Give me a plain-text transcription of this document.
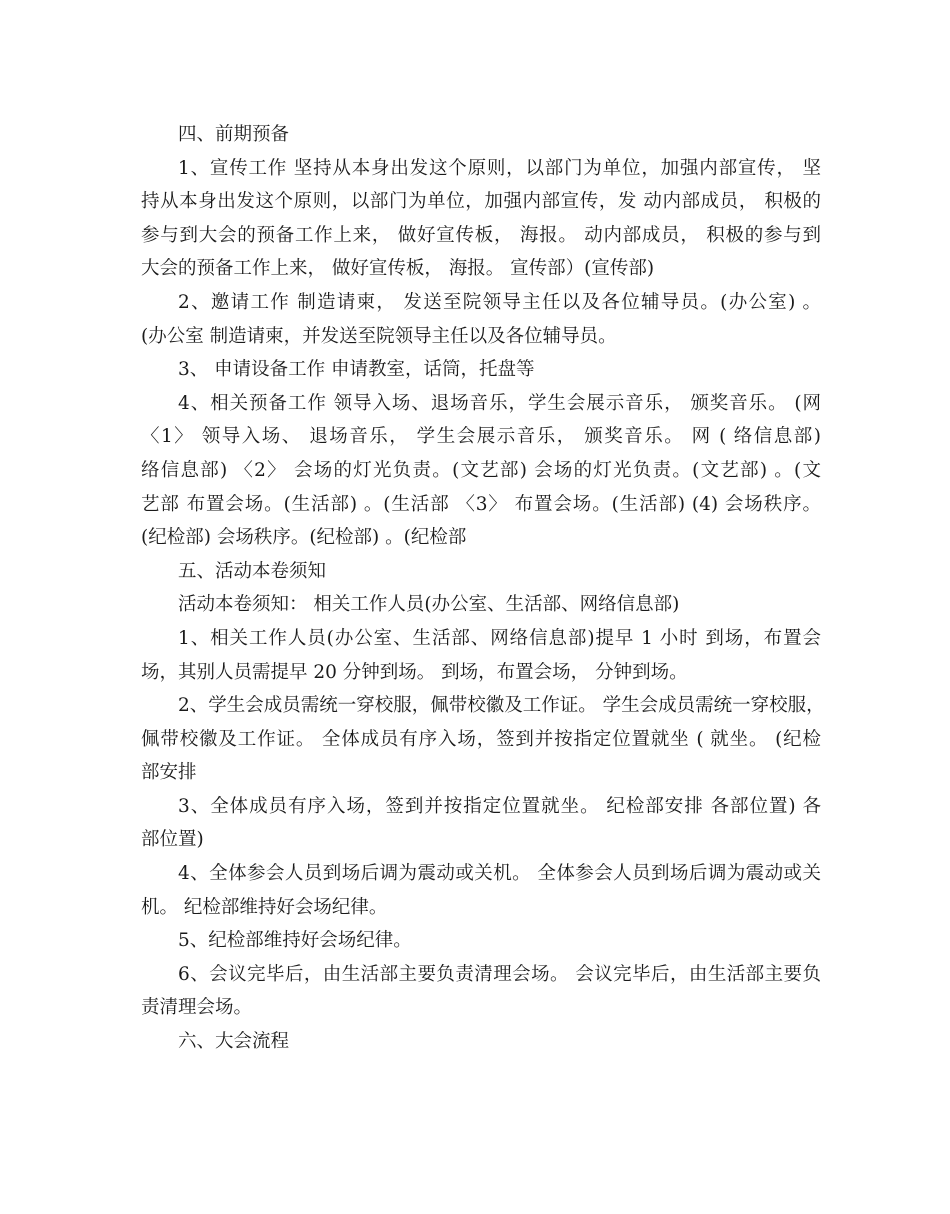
四、前期预备
1、宣传工作 坚持从本身出发这个原则，以部门为单位，加强内部宣传， 坚
持从本身出发这个原则，以部门为单位，加强内部宣传，发 动内部成员， 积极的
参与到大会的预备工作上来， 做好宣传板， 海报。 动内部成员， 积极的参与到
大会的预备工作上来， 做好宣传板， 海报。 宣传部）(宣传部)
2、邀请工作 制造请柬， 发送至院领导主任以及各位辅导员。(办公室) 。
(办公室 制造请柬，并发送至院领导主任以及各位辅导员。
3、 申请设备工作 申请教室，话筒，托盘等
4、相关预备工作 领导入场、退场音乐，学生会展示音乐， 颁奖音乐。 (网
〈1〉 领导入场、 退场音乐， 学生会展示音乐， 颁奖音乐。 网 ( 络信息部)
络信息部) 〈2〉 会场的灯光负责。(文艺部) 会场的灯光负责。(文艺部) 。(文
艺部 布置会场。(生活部) 。(生活部 〈3〉 布置会场。(生活部) (4) 会场秩序。
(纪检部) 会场秩序。(纪检部) 。(纪检部
五、活动本卷须知
活动本卷须知： 相关工作人员(办公室、生活部、网络信息部)
1、相关工作人员(办公室、生活部、网络信息部)提早 1 小时 到场，布置会
场，其别人员需提早 20 分钟到场。 到场，布置会场， 分钟到场。
2、学生会成员需统一穿校服，佩带校徽及工作证。 学生会成员需统一穿校服，
佩带校徽及工作证。 全体成员有序入场，签到并按指定位置就坐 ( 就坐。 (纪检
部安排
3、全体成员有序入场，签到并按指定位置就坐。 纪检部安排 各部位置) 各
部位置)
4、全体参会人员到场后调为震动或关机。 全体参会人员到场后调为震动或关
机。 纪检部维持好会场纪律。
5、纪检部维持好会场纪律。
6、会议完毕后，由生活部主要负责清理会场。 会议完毕后，由生活部主要负
责清理会场。
六、大会流程
